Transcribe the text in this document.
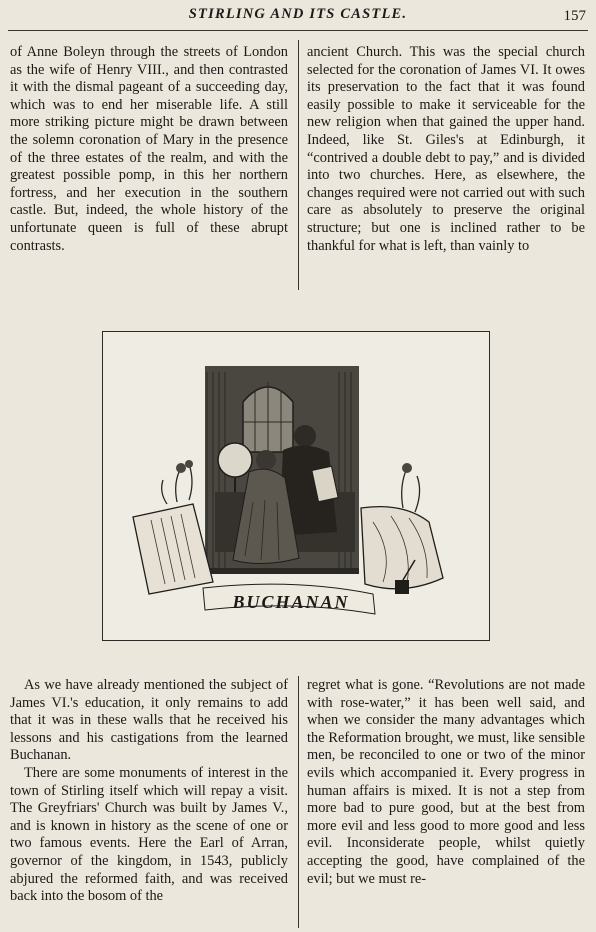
STIRLING AND ITS CASTLE.	157

of Anne Boleyn through the streets of London as the wife of Henry VIII., and then contrasted it with the dismal pageant of a succeeding day, which was to end her miserable life. A still more striking picture might be drawn between the solemn coronation of Mary in the presence of the three estates of the realm, and with the greatest possible pomp, in this her northern fortress, and her execution in the southern castle. But, indeed, the whole history of the unfortunate queen is full of these abrupt contrasts.

ancient Church. This was the special church selected for the coronation of James VI. It owes its preservation to the fact that it was found easily possible to make it serviceable for the new religion when that gained the upper hand. Indeed, like St. Giles's at Edinburgh, it “contrived a double debt to pay,” and is divided into two churches. Here, as elsewhere, the changes required were not carried out with such care as absolutely to preserve the original structure; but one is inclined rather to be thankful for what is left, than vainly to

BUCHANAN

As we have already mentioned the subject of James VI.'s education, it only remains to add that it was in these walls that he received his lessons and his castigations from the learned Buchanan.

There are some monuments of interest in the town of Stirling itself which will repay a visit. The Greyfriars' Church was built by James V., and is known in history as the scene of one or two famous events. Here the Earl of Arran, governor of the kingdom, in 1543, publicly abjured the reformed faith, and was received back into the bosom of the

regret what is gone. “Revolutions are not made with rose-water,” it has been well said, and when we consider the many advantages which the Reformation brought, we must, like sensible men, be reconciled to one or two of the minor evils which accompanied it. Every progress in human affairs is mixed. It is not a step from more bad to pure good, but at the best from more evil and less good to more good and less evil. Inconsiderate people, whilst quietly accepting the good, have complained of the evil; but we must re-
